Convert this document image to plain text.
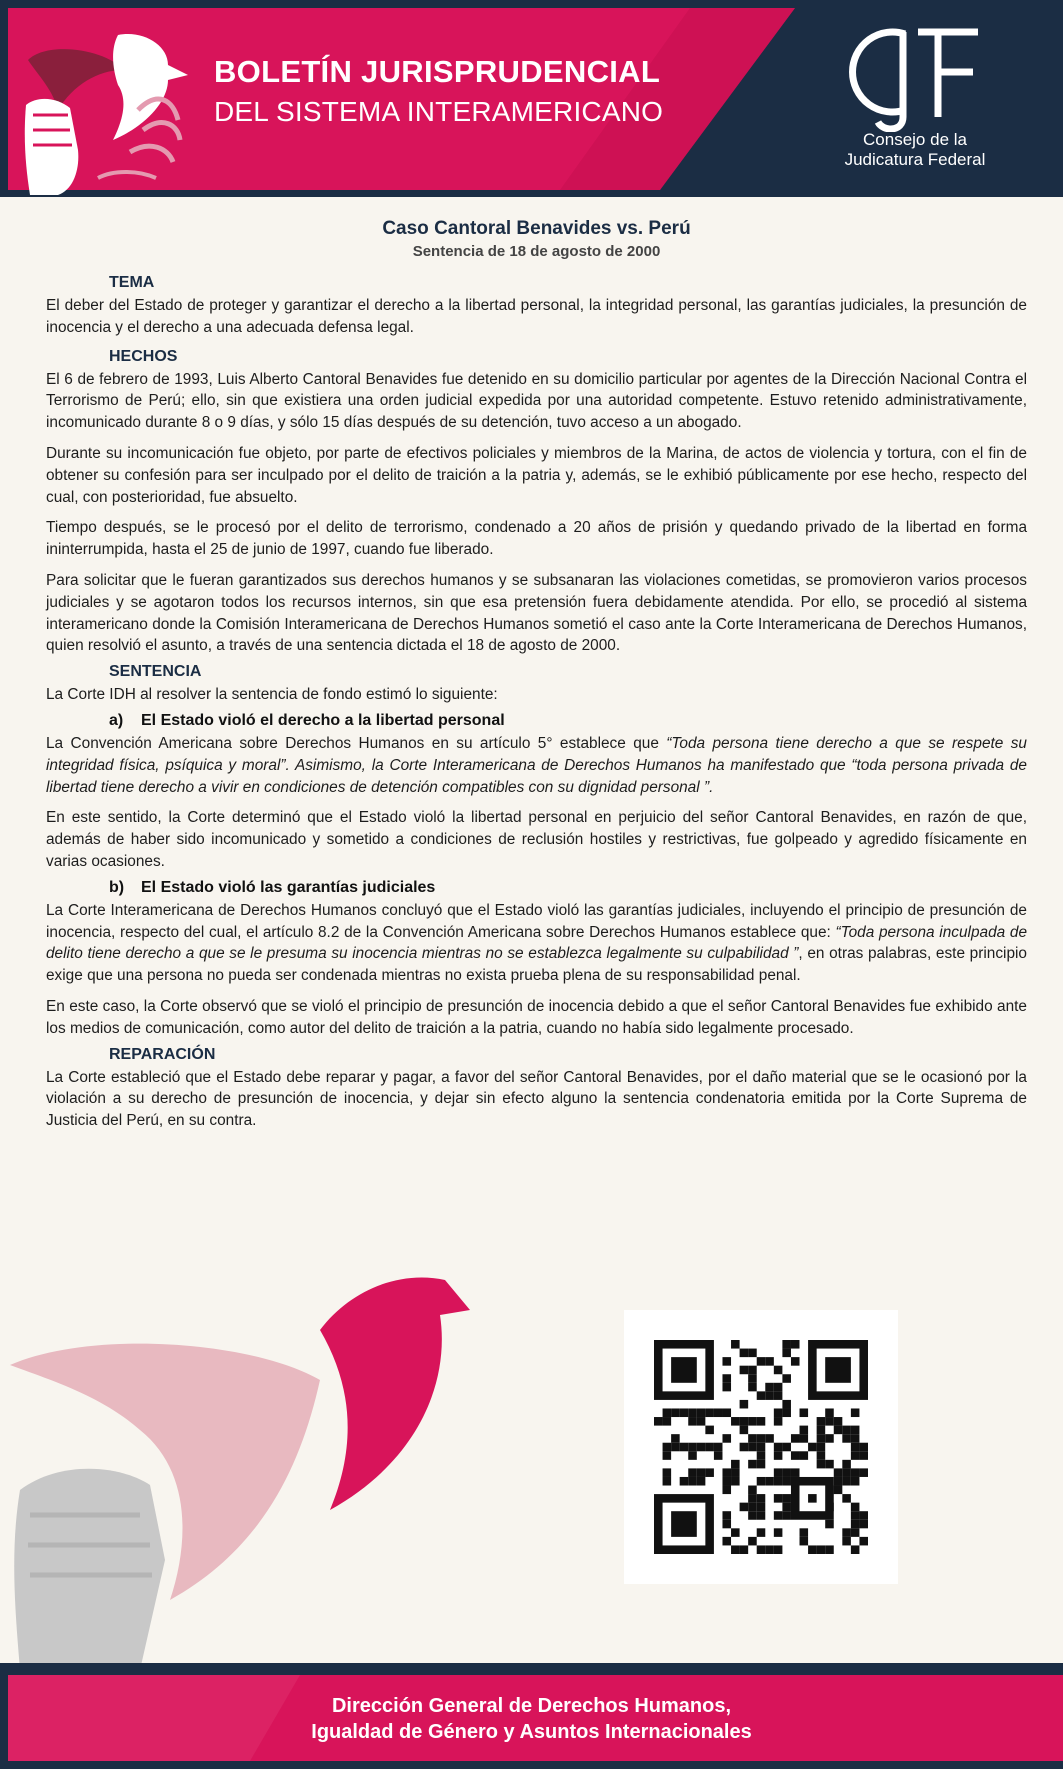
BOLETÍN JURISPRUDENCIAL
DEL SISTEMA INTERAMERICANO
Consejo de la
Judicatura Federal
Caso Cantoral Benavides vs. Perú
Sentencia de 18 de agosto de 2000
TEMA

El deber del Estado de proteger y garantizar el derecho a la libertad personal, la integridad personal, las garantías judiciales, la presunción de inocencia y el derecho a una adecuada defensa legal.

HECHOS

El 6 de febrero de 1993, Luis Alberto Cantoral Benavides fue detenido en su domicilio particular por agentes de la Dirección Nacional Contra el Terrorismo de Perú; ello, sin que existiera una orden judicial expedida por una autoridad competente. Estuvo retenido administrativamente, incomunicado durante 8 o 9 días, y sólo 15 días después de su detención, tuvo acceso a un abogado.

Durante su incomunicación fue objeto, por parte de efectivos policiales y miembros de la Marina, de actos de violencia y tortura, con el fin de obtener su confesión para ser inculpado por el delito de traición a la patria y, además, se le exhibió públicamente por ese hecho, respecto del cual, con posterioridad, fue absuelto.

Tiempo después, se le procesó por el delito de terrorismo, condenado a 20 años de prisión y quedando privado de la libertad en forma ininterrumpida, hasta el 25 de junio de 1997, cuando fue liberado.

Para solicitar que le fueran garantizados sus derechos humanos y se subsanaran las violaciones cometidas, se promovieron varios procesos judiciales y se agotaron todos los recursos internos, sin que esa pretensión fuera debidamente atendida. Por ello, se procedió al sistema interamericano donde la Comisión Interamericana de Derechos Humanos sometió el caso ante la Corte Interamericana de Derechos Humanos, quien resolvió el asunto, a través de una sentencia dictada el 18 de agosto de 2000.

SENTENCIA

La Corte IDH al resolver la sentencia de fondo estimó lo siguiente:

a) El Estado violó el derecho a la libertad personal

La Convención Americana sobre Derechos Humanos en su artículo 5° establece que “Toda persona tiene derecho a que se respete su integridad física, psíquica y moral”. Asimismo, la Corte Interamericana de Derechos Humanos ha manifestado que “toda persona privada de libertad tiene derecho a vivir en condiciones de detención compatibles con su dignidad personal ”.

En este sentido, la Corte determinó que el Estado violó la libertad personal en perjuicio del señor Cantoral Benavides, en razón de que, además de haber sido incomunicado y sometido a condiciones de reclusión hostiles y restrictivas, fue golpeado y agredido físicamente en varias ocasiones.

b) El Estado violó las garantías judiciales

La Corte Interamericana de Derechos Humanos concluyó que el Estado violó las garantías judiciales, incluyendo el principio de presunción de inocencia, respecto del cual, el artículo 8.2 de la Convención Americana sobre Derechos Humanos establece que: “Toda persona inculpada de delito tiene derecho a que se le presuma su inocencia mientras no se establezca legalmente su culpabilidad ”, en otras palabras, este principio exige que una persona no pueda ser condenada mientras no exista prueba plena de su responsabilidad penal.

En este caso, la Corte observó que se violó el principio de presunción de inocencia debido a que el señor Cantoral Benavides fue exhibido ante los medios de comunicación, como autor del delito de traición a la patria, cuando no había sido legalmente procesado.

REPARACIÓN

La Corte estableció que el Estado debe reparar y pagar, a favor del señor Cantoral Benavides, por el daño material que se le ocasionó por la violación a su derecho de presunción de inocencia, y dejar sin efecto alguno la sentencia condenatoria emitida por la Corte Suprema de Justicia del Perú, en su contra.

Dirección General de Derechos Humanos,
Igualdad de Género y Asuntos Internacionales
